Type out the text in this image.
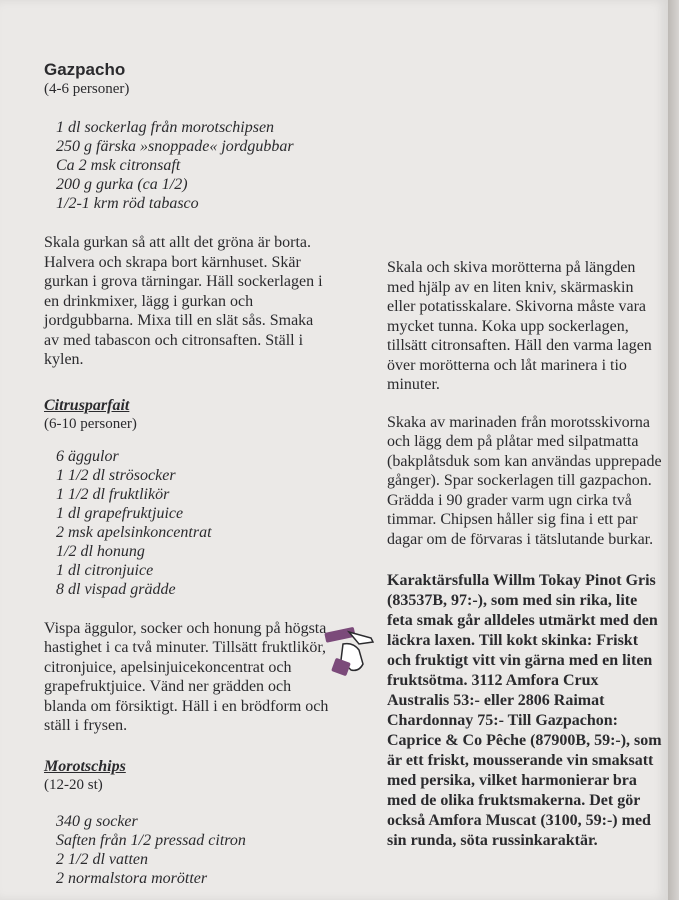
Gazpacho
(4-6 personer)
1 dl sockerlag från morotschipsen
250 g färska »snoppade« jordgubbar
Ca 2 msk citronsaft
200 g gurka (ca 1/2)
1/2-1 krm röd tabasco

Skala gurkan så att allt det gröna är borta. Halvera och skrapa bort kärnhuset. Skär gurkan i grova tärningar. Häll sockerlagen i en drinkmixer, lägg i gurkan och jordgubbarna. Mixa till en slät sås. Smaka av med tabascon och citronsaften. Ställ i kylen.

Citrusparfait
(6-10 personer)
6 äggulor
1 1/2 dl strösocker
1 1/2 dl fruktlikör
1 dl grapefruktjuice
2 msk apelsinkoncentrat
1/2 dl honung
1 dl citronjuice
8 dl vispad grädde

Vispa äggulor, socker och honung på högsta hastighet i ca två minuter. Tillsätt fruktlikör, citronjuice, apelsinjuicekoncentrat och grapefruktjuice. Vänd ner grädden och blanda om försiktigt. Häll i en brödform och ställ i frysen.

Morotschips
(12-20 st)
340 g socker
Saften från 1/2 pressad citron
2 1/2 dl vatten
2 normalstora morötter

Skala och skiva morötterna på längden med hjälp av en liten kniv, skärmaskin eller potatisskalare. Skivorna måste vara mycket tunna. Koka upp sockerlagen, tillsätt citronsaften. Häll den varma lagen över morötterna och låt marinera i tio minuter.

Skaka av marinaden från morotsskivorna och lägg dem på plåtar med silpatmatta (bakplåtsduk som kan användas upprepade gånger). Spar sockerlagen till gazpachon. Grädda i 90 grader varm ugn cirka två timmar. Chipsen håller sig fina i ett par dagar om de förvaras i tätslutande burkar.

Karaktärsfulla Willm Tokay Pinot Gris (83537B, 97:-), som med sin rika, lite feta smak går alldeles utmärkt med den läckra laxen. Till kokt skinka: Friskt och fruktigt vitt vin gärna med en liten fruktsötma. 3112 Amfora Crux Australis 53:- eller 2806 Raimat Chardonnay 75:- Till Gazpachon: Caprice & Co Pêche (87900B, 59:-), som är ett friskt, mousserande vin smaksatt med persika, vilket harmonierar bra med de olika fruktsmakerna. Det gör också Amfora Muscat (3100, 59:-) med sin runda, söta russinkaraktär.
